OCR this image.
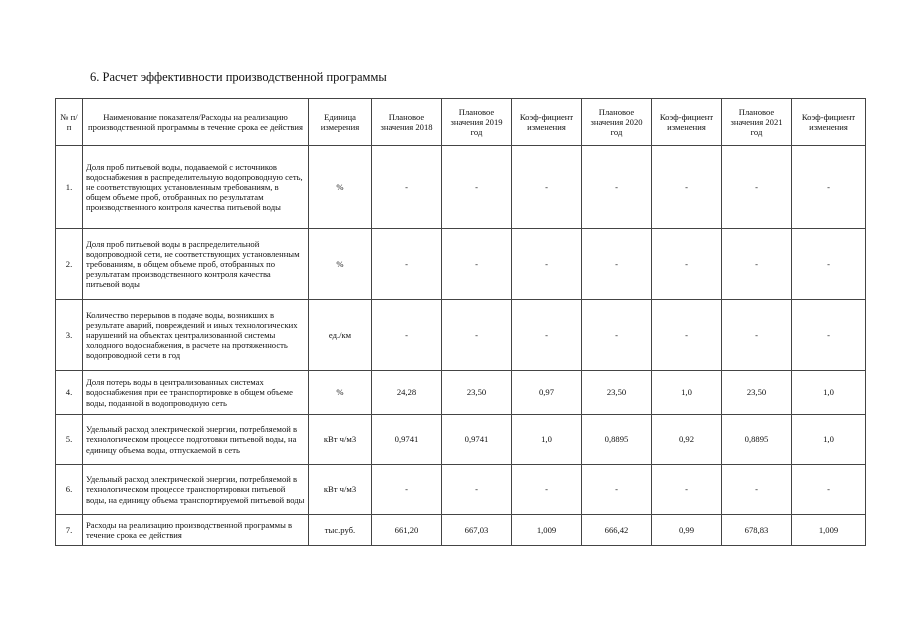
6. Расчет эффективности производственной программы
№ п/п	Наименование показателя/Расходы на реализацию производственной программы в течение срока ее действия	Единица измерения	Плановое значения 2018	Плановое значения 2019 год	Коэф-фициент изменения	Плановое значения 2020 год	Коэф-фициент изменения	Плановое значения 2021 год	Коэф-фициент изменения
1.	Доля проб питьевой воды, подаваемой с источников водоснабжения в распределительную водопроводную сеть, не соответствующих установленным требованиям, в общем объеме проб, отобранных по результатам производственного контроля качества питьевой воды	%	-	-	-	-	-	-	-
2.	Доля проб питьевой воды в распределительной водопроводной сети, не соответствующих установленным требованиям, в общем объеме проб, отобранных по результатам производственного контроля качества питьевой воды	%	-	-	-	-	-	-	-
3.	Количество перерывов в подаче воды, возникших в результате аварий, повреждений и иных технологических нарушений на объектах централизованной системы холодного водоснабжения, в расчете на протяженность водопроводной сети в год	ед./км	-	-	-	-	-	-	-
4.	Доля потерь воды в централизованных системах водоснабжения при ее транспортировке в общем объеме воды, поданной в водопроводную сеть	%	24,28	23,50	0,97	23,50	1,0	23,50	1,0
5.	Удельный расход электрической энергии, потребляемой в технологическом процессе подготовки питьевой воды, на единицу объема воды, отпускаемой в сеть	кВт ч/м3	0,9741	0,9741	1,0	0,8895	0,92	0,8895	1,0
6.	Удельный расход электрической энергии, потребляемой в технологическом процессе транспортировки питьевой воды, на единицу объема транспортируемой питьевой воды	кВт ч/м3	-	-	-	-	-	-	-
7.	Расходы на реализацию производственной программы в течение срока ее действия	тыс.руб.	661,20	667,03	1,009	666,42	0,99	678,83	1,009
